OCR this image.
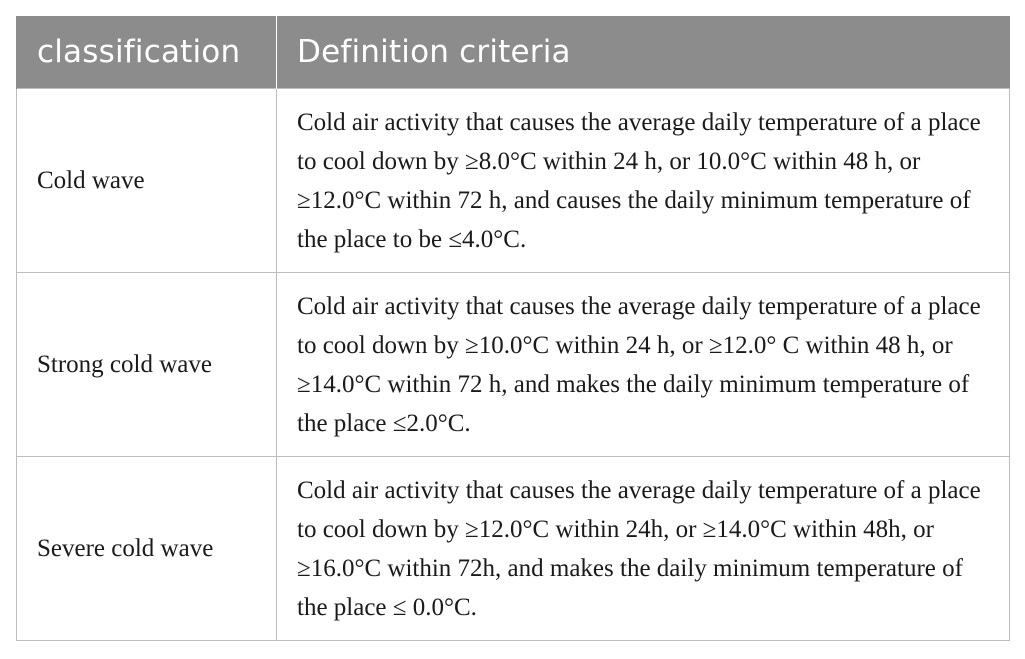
classification	Definition criteria
Cold wave	Cold air activity that causes the average daily temperature of a place to cool down by ≥8.0°C within 24 h, or 10.0°C within 48 h, or ≥12.0°C within 72 h, and causes the daily minimum temperature of the place to be ≤4.0°C.
Strong cold wave	Cold air activity that causes the average daily temperature of a place to cool down by ≥10.0°C within 24 h, or ≥12.0° C within 48 h, or ≥14.0°C within 72 h, and makes the daily minimum temperature of the place ≤2.0°C.
Severe cold wave	Cold air activity that causes the average daily temperature of a place to cool down by ≥12.0°C within 24h, or ≥14.0°C within 48h, or ≥16.0°C within 72h, and makes the daily minimum temperature of the place ≤ 0.0°C.
